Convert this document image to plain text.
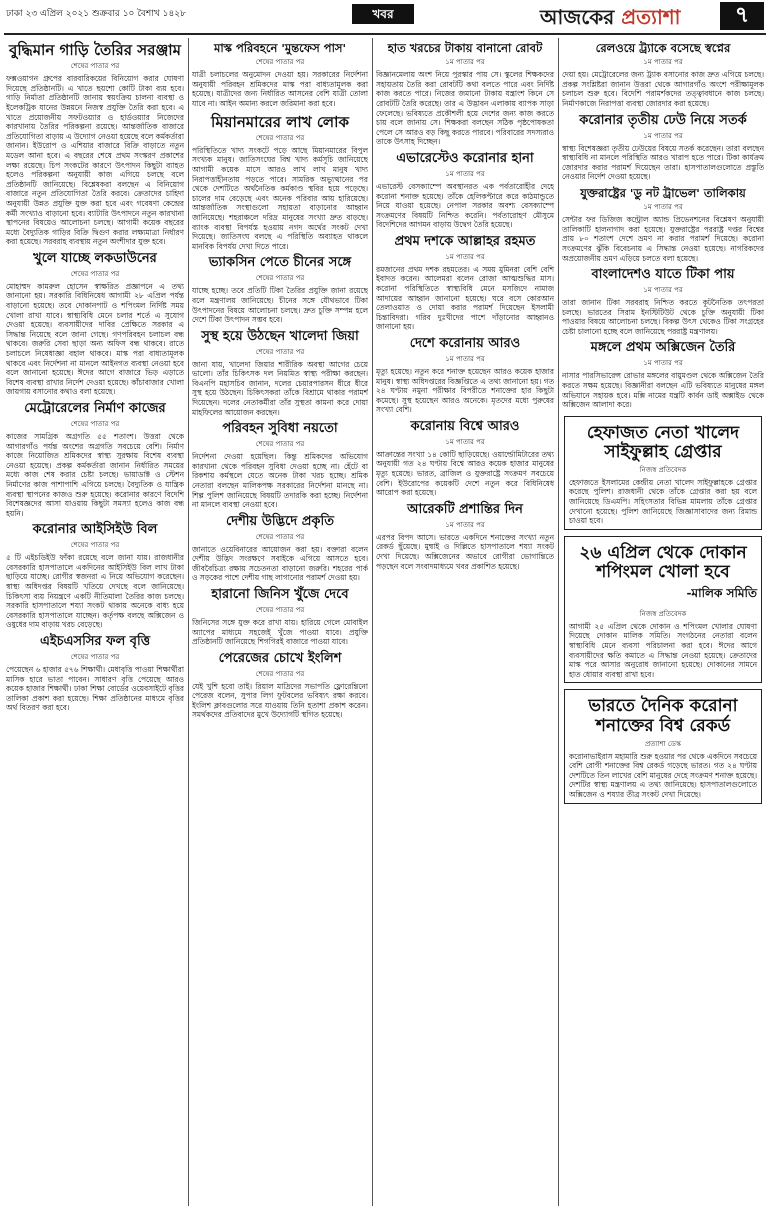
ঢাকা ২৩ এপ্রিল ২০২১ শুক্রবার ১০ বৈশাখ ১৪২৮	খবর	আজকের প্রত্যাশা	৭
বুদ্ধিমান গাড়ি তৈরির সরঞ্জাম
শেষের পাতার পর

ফক্সওয়াগন গ্রুপের বারবারিকয়ের বিনিয়োগ করার ঘোষণা দিয়েছে প্রতিষ্ঠানটি। এ খাতে ছয়শো কোটি টাকা ব্যয় হবে। গাড়ি নির্মাতা প্রতিষ্ঠানটি জানায় স্বয়ংক্রিয় চালনা ব্যবস্থা ও ইলেকট্রিক যানের উন্নয়নে নিজস্ব প্রযুক্তি তৈরি করা হবে। এ খাতে প্রয়োজনীয় সফটওয়্যার ও হার্ডওয়্যার নিজেদের কারখানায় তৈরির পরিকল্পনা রয়েছে। আন্তর্জাতিক বাজারে প্রতিযোগিতা বাড়ায় এ উদ্যোগ নেওয়া হয়েছে বলে কর্মকর্তারা জানান। ইউরোপ ও এশিয়ার বাজারে বিক্রি বাড়াতে নতুন মডেল আনা হবে। এ বছরের শেষে প্রথম সংস্করণ প্রকাশের লক্ষ্য রয়েছে। চিপ সংকটের কারণে উৎপাদন কিছুটা ব্যাহত হলেও পরিকল্পনা অনুযায়ী কাজ এগিয়ে চলছে বলে প্রতিষ্ঠানটি জানিয়েছে। বিশ্লেষকরা বলছেন এ বিনিয়োগ বাজারে নতুন প্রতিযোগিতা তৈরি করবে। ক্রেতাদের চাহিদা অনুযায়ী উন্নত প্রযুক্তি যুক্ত করা হবে এবং গবেষণা কেন্দ্রের কর্মী সংখ্যাও বাড়ানো হবে। ব্যাটারি উৎপাদনে নতুন কারখানা স্থাপনের বিষয়েও আলোচনা চলছে। আগামী কয়েক বছরের মধ্যে বৈদ্যুতিক গাড়ির বিক্রি দ্বিগুণ করার লক্ষ্যমাত্রা নির্ধারণ করা হয়েছে। সরবরাহ ব্যবস্থায় নতুন অংশীদার যুক্ত হবে।

খুলে যাচ্ছে লকডাউনের
শেষের পাতার পর

মোহাম্মদ কামরুল হোসেন স্বাক্ষরিত প্রজ্ঞাপনে এ তথ্য জানানো হয়। সরকারি বিধিনিষেধ আগামী ২৮ এপ্রিল পর্যন্ত বাড়ানো হয়েছে। তবে দোকানপাট ও শপিংমল নির্দিষ্ট সময় খোলা রাখা যাবে। স্বাস্থ্যবিধি মেনে চলার শর্তে এ সুযোগ দেওয়া হয়েছে। ব্যবসায়ীদের দাবির প্রেক্ষিতে সরকার এ সিদ্ধান্ত নিয়েছে বলে জানা গেছে। গণপরিবহন চলাচল বন্ধ থাকবে। জরুরি সেবা ছাড়া অন্য অফিস বন্ধ থাকবে। রাতে চলাচলে নিষেধাজ্ঞা বহাল থাকবে। মাস্ক পরা বাধ্যতামূলক থাকবে এবং নির্দেশনা না মানলে আইনগত ব্যবস্থা নেওয়া হবে বলে জানানো হয়েছে। ঈদের আগে বাজারে ভিড় এড়াতে বিশেষ ব্যবস্থা রাখার নির্দেশ দেওয়া হয়েছে। কাঁচাবাজার খোলা জায়গায় বসানোর কথাও বলা হয়েছে।

মেট্রোরেলের নির্মাণ কাজের
শেষের পাতার পর

কাজের সামগ্রিক অগ্রগতি ৫৫ শতাংশ। উত্তরা থেকে আগারগাঁও পর্যন্ত অংশের অগ্রগতি সবচেয়ে বেশি। নির্মাণ কাজে নিয়োজিত শ্রমিকদের স্বাস্থ্য সুরক্ষায় বিশেষ ব্যবস্থা নেওয়া হয়েছে। প্রকল্প কর্মকর্তারা জানান নির্ধারিত সময়ের মধ্যে কাজ শেষ করার চেষ্টা চলছে। ভায়াডাক্ট ও স্টেশন নির্মাণের কাজ পাশাপাশি এগিয়ে চলছে। বৈদ্যুতিক ও যান্ত্রিক ব্যবস্থা স্থাপনের কাজও শুরু হয়েছে। করোনার কারণে বিদেশি বিশেষজ্ঞদের আসা যাওয়ায় কিছুটা সমস্যা হলেও কাজ বন্ধ হয়নি।

করোনার আইসিইউ বিল
শেষের পাতার পর

৫ টি এইচডিইউ ফাঁকা রয়েছে বলে জানা যায়। রাজধানীর বেসরকারি হাসপাতালে একদিনের আইসিইউ বিল লাখ টাকা ছাড়িয়ে যাচ্ছে। রোগীর স্বজনরা এ নিয়ে অভিযোগ করেছেন। স্বাস্থ্য অধিদপ্তর বিষয়টি খতিয়ে দেখছে বলে জানিয়েছে। চিকিৎসা ব্যয় নিয়ন্ত্রণে একটি নীতিমালা তৈরির কাজ চলছে। সরকারি হাসপাতালে শয্যা সংকট থাকায় অনেকে বাধ্য হয়ে বেসরকারি হাসপাতালে যাচ্ছেন। কর্তৃপক্ষ বলছে অক্সিজেন ও ওষুধের দাম বাড়ায় খরচ বেড়েছে।

এইচএসসির ফল বৃত্তি
শেষের পাতার পর

পেয়েছেন ৬ হাজার ৫৭৬ শিক্ষার্থী। মেধাবৃত্তি পাওয়া শিক্ষার্থীরা মাসিক হারে ভাতা পাবেন। সাধারণ বৃত্তি পেয়েছে আরও কয়েক হাজার শিক্ষার্থী। ঢাকা শিক্ষা বোর্ডের ওয়েবসাইটে বৃত্তির তালিকা প্রকাশ করা হয়েছে। শিক্ষা প্রতিষ্ঠানের মাধ্যমে বৃত্তির অর্থ বিতরণ করা হবে।

মাস্ক পরিবহনে 'মুন্তফেস পাস'
শেষের পাতার পর

যাত্রী চলাচলের অনুমোদন দেওয়া হয়। সরকারের নির্দেশনা অনুযায়ী পরিবহন শ্রমিকদের মাস্ক পরা বাধ্যতামূলক করা হয়েছে। যাত্রীদের জন্য নির্ধারিত আসনের বেশি যাত্রী তোলা যাবে না। আইন অমান্য করলে জরিমানা করা হবে।

মিয়ানমারের লাখ লোক
শেষের পাতার পর

পরিস্থিতিতে খাদ্য সংকটে পড়ে আছে মিয়ানমারের বিপুল সংখ্যক মানুষ। জাতিসংঘের বিশ্ব খাদ্য কর্মসূচি জানিয়েছে আগামী কয়েক মাসে আরও লাখ লাখ মানুষ খাদ্য নিরাপত্তাহীনতায় পড়তে পারে। সামরিক অভ্যুত্থানের পর থেকে দেশটিতে অর্থনৈতিক কর্মকাণ্ড স্থবির হয়ে পড়েছে। চালের দাম বেড়েছে এবং অনেক পরিবার আয় হারিয়েছে। আন্তর্জাতিক সংস্থাগুলো সহায়তা বাড়ানোর আহ্বান জানিয়েছে। শহরাঞ্চলে দরিদ্র মানুষের সংখ্যা দ্রুত বাড়ছে। ব্যাংক ব্যবস্থা বিপর্যস্ত হওয়ায় নগদ অর্থের সংকট দেখা দিয়েছে। জাতিসংঘ বলছে এ পরিস্থিতি অব্যাহত থাকলে মানবিক বিপর্যয় দেখা দিতে পারে।

ভ্যাকসিন পেতে চীনের সঙ্গে
শেষের পাতার পর

যাচ্ছে হচ্ছে। তবে প্রতিটি টিকা তৈরির প্রযুক্তি জানা রয়েছে বলে মন্ত্রণালয় জানিয়েছে। চীনের সঙ্গে যৌথভাবে টিকা উৎপাদনের বিষয়ে আলোচনা চলছে। দ্রুত চুক্তি সম্পন্ন হলে দেশে টিকা উৎপাদন সম্ভব হবে।

সুস্থ হয়ে উঠছেন খালেদা জিয়া
শেষের পাতার পর

জানা যায়, খালেদা জিয়ার শারীরিক অবস্থা আগের চেয়ে ভালো। তাঁর চিকিৎসক দল নিয়মিত স্বাস্থ্য পরীক্ষা করছেন। বিএনপি মহাসচিব জানান, দলের চেয়ারপারসন ধীরে ধীরে সুস্থ হয়ে উঠছেন। চিকিৎসকরা তাঁকে বিশ্রামে থাকার পরামর্শ দিয়েছেন। দলের নেতাকর্মীরা তাঁর সুস্থতা কামনা করে দোয়া মাহফিলের আয়োজন করছেন।

পরিবহন সুবিধা নয়তো
শেষের পাতার পর

নির্দেশনা দেওয়া হয়েছিল। কিন্তু শ্রমিকদের অভিযোগ কারখানা থেকে পরিবহন সুবিধা দেওয়া হচ্ছে না। হেঁটে বা রিকশায় কর্মস্থলে যেতে অনেক টাকা খরচ হচ্ছে। শ্রমিক নেতারা বলছেন মালিকপক্ষ সরকারের নির্দেশনা মানছে না। শিল্প পুলিশ জানিয়েছে বিষয়টি তদারকি করা হচ্ছে। নির্দেশনা না মানলে ব্যবস্থা নেওয়া হবে।

দেশীয় উদ্ভিদে প্রকৃতি
শেষের পাতার পর

জানাতে ওয়েবিনারের আয়োজন করা হয়। বক্তারা বলেন দেশীয় উদ্ভিদ সংরক্ষণে সবাইকে এগিয়ে আসতে হবে। জীববৈচিত্র্য রক্ষায় সচেতনতা বাড়ানো জরুরি। শহরের পার্ক ও সড়কের পাশে দেশীয় গাছ লাগানোর পরামর্শ দেওয়া হয়।

হারানো জিনিস খুঁজে দেবে
শেষের পাতার পর

জিনিসের সঙ্গে যুক্ত করে রাখা যায়। হারিয়ে গেলে মোবাইল অ্যাপের মাধ্যমে সহজেই খুঁজে পাওয়া যাবে। প্রযুক্তি প্রতিষ্ঠানটি জানিয়েছে শিগগিরই বাজারে পাওয়া যাবে।

পেরেজের চোখে ইংলিশ
শেষের পাতার পর

যেই খুশি হবো তাই। রিয়াল মাদ্রিদের সভাপতি ফ্লোরেন্তিনো পেরেজ বলেন, সুপার লিগ ফুটবলের ভবিষ্যৎ রক্ষা করবে। ইংলিশ ক্লাবগুলোর সরে যাওয়ায় তিনি হতাশা প্রকাশ করেন। সমর্থকদের প্রতিবাদের মুখে উদ্যোগটি স্থগিত হয়েছে।

হাত খরচের টাকায় বানানো রোবট
১ম পাতার পর

বিজ্ঞানমেলায় অংশ নিয়ে পুরস্কার পায় সে। স্কুলের শিক্ষকদের সহায়তায় তৈরি করা রোবটটি কথা বলতে পারে এবং নির্দিষ্ট কাজ করতে পারে। নিজের জমানো টাকায় যন্ত্রাংশ কিনে সে রোবটটি তৈরি করেছে। তার এ উদ্ভাবন এলাকায় ব্যাপক সাড়া ফেলেছে। ভবিষ্যতে প্রকৌশলী হয়ে দেশের জন্য কাজ করতে চায় বলে জানায় সে। শিক্ষকরা বলছেন সঠিক পৃষ্ঠপোষকতা পেলে সে আরও বড় কিছু করতে পারবে। পরিবারের সদস্যরাও তাকে উৎসাহ দিচ্ছেন।

এভারেস্টেও করোনার হানা
১ম পাতার পর

এভারেস্ট বেসক্যাম্পে অবস্থানরত এক পর্বতারোহীর দেহে করোনা শনাক্ত হয়েছে। তাঁকে হেলিকপ্টারে করে কাঠমান্ডুতে নিয়ে যাওয়া হয়েছে। নেপাল সরকার অবশ্য বেসক্যাম্পে সংক্রমণের বিষয়টি নিশ্চিত করেনি। পর্বতারোহণ মৌসুমে বিদেশিদের আগমন বাড়ায় উদ্বেগ তৈরি হয়েছে।

প্রথম দশকে আল্লাহর রহমত
১ম পাতার পর

রমজানের প্রথম দশক রহমতের। এ সময় মুমিনরা বেশি বেশি ইবাদত করেন। আলেমরা বলেন রোজা আত্মশুদ্ধির মাস। করোনা পরিস্থিতিতে স্বাস্থ্যবিধি মেনে মসজিদে নামাজ আদায়ের আহ্বান জানানো হয়েছে। ঘরে বসে কোরআন তেলাওয়াত ও দোয়া করার পরামর্শ দিয়েছেন ইসলামী চিন্তাবিদরা। গরিব দুঃখীদের পাশে দাঁড়ানোর আহ্বানও জানানো হয়।

দেশে করোনায় আরও
১ম পাতার পর

মৃত্যু হয়েছে। নতুন করে শনাক্ত হয়েছেন আরও কয়েক হাজার মানুষ। স্বাস্থ্য অধিদপ্তরের বিজ্ঞপ্তিতে এ তথ্য জানানো হয়। গত ২৪ ঘণ্টায় নমুনা পরীক্ষার বিপরীতে শনাক্তের হার কিছুটা কমেছে। সুস্থ হয়েছেন আরও অনেকে। মৃতদের মধ্যে পুরুষের সংখ্যা বেশি।

করোনায় বিশ্বে আরও
১ম পাতার পর

আক্রান্তের সংখ্যা ১৪ কোটি ছাড়িয়েছে। ওয়ার্ল্ডোমিটারের তথ্য অনুযায়ী গত ২৪ ঘণ্টায় বিশ্বে আরও কয়েক হাজার মানুষের মৃত্যু হয়েছে। ভারত, ব্রাজিল ও যুক্তরাষ্ট্রে সংক্রমণ সবচেয়ে বেশি। ইউরোপের কয়েকটি দেশে নতুন করে বিধিনিষেধ আরোপ করা হয়েছে।

আরেকটি প্রশান্তির দিন
১ম পাতার পর

এরপর বিপদ আসে। ভারতে একদিনে শনাক্তের সংখ্যা নতুন রেকর্ড ছুঁয়েছে। মুম্বাই ও দিল্লিতে হাসপাতালে শয্যা সংকট দেখা দিয়েছে। অক্সিজেনের অভাবে রোগীরা ভোগান্তিতে পড়ছেন বলে সংবাদমাধ্যমে খবর প্রকাশিত হয়েছে।

রেলওয়ে ট্র্যাকে বসেছে স্বপ্নের
১ম পাতার পর

দেয়া হয়। মেট্রোরেলের জন্য ট্র্যাক বসানোর কাজ দ্রুত এগিয়ে চলছে। প্রকল্প সংশ্লিষ্টরা জানান উত্তরা থেকে আগারগাঁও অংশে পরীক্ষামূলক চলাচল শুরু হবে। বিদেশি পরামর্শকদের তত্ত্বাবধানে কাজ চলছে। নির্মাণকাজে নিরাপত্তা ব্যবস্থা জোরদার করা হয়েছে।

করোনার তৃতীয় ঢেউ নিয়ে সতর্ক
১ম পাতার পর

স্বাস্থ্য বিশেষজ্ঞরা তৃতীয় ঢেউয়ের বিষয়ে সতর্ক করেছেন। তারা বলছেন স্বাস্থ্যবিধি না মানলে পরিস্থিতি আরও খারাপ হতে পারে। টিকা কার্যক্রম জোরদার করার পরামর্শ দিয়েছেন তারা। হাসপাতালগুলোতে প্রস্তুতি নেওয়ার নির্দেশ দেওয়া হয়েছে।

যুক্তরাষ্ট্রের 'ডু নট ট্রাভেল' তালিকায়
১ম পাতার পর

সেন্টার ফর ডিজিজ কন্ট্রোল অ্যান্ড প্রিভেনশনের বিশ্লেষণ অনুযায়ী তালিকাটি হালনাগাদ করা হয়েছে। যুক্তরাষ্ট্রের পররাষ্ট্র দপ্তর বিশ্বের প্রায় ৮০ শতাংশ দেশে ভ্রমণ না করার পরামর্শ দিয়েছে। করোনা সংক্রমণের ঝুঁকি বিবেচনায় এ সিদ্ধান্ত নেওয়া হয়েছে। নাগরিকদের অপ্রয়োজনীয় ভ্রমণ এড়িয়ে চলতে বলা হয়েছে।

বাংলাদেশও যাতে টিকা পায়
১ম পাতার পর

তারা জানান টিকা সরবরাহ নিশ্চিত করতে কূটনৈতিক তৎপরতা চলছে। ভারতের সিরাম ইনস্টিটিউট থেকে চুক্তি অনুযায়ী টিকা পাওয়ার বিষয়ে আলোচনা চলছে। বিকল্প উৎস থেকেও টিকা সংগ্রহের চেষ্টা চালানো হচ্ছে বলে জানিয়েছে পররাষ্ট্র মন্ত্রণালয়।

মঙ্গলে প্রথম অক্সিজেন তৈরি
১ম পাতার পর

নাসার পারসিভারেন্স রোভার মঙ্গলের বায়ুমণ্ডল থেকে অক্সিজেন তৈরি করতে সক্ষম হয়েছে। বিজ্ঞানীরা বলছেন এটি ভবিষ্যতে মানুষের মঙ্গল অভিযানে সহায়ক হবে। মক্সি নামের যন্ত্রটি কার্বন ডাই অক্সাইড থেকে অক্সিজেন আলাদা করে।

হেফাজত নেতা খালেদ সাইফুল্লাহ গ্রেপ্তার
নিজস্ব প্রতিবেদক

হেফাজতে ইসলামের কেন্দ্রীয় নেতা খালেদ সাইফুল্লাহকে গ্রেপ্তার করেছে পুলিশ। রাজধানী থেকে তাঁকে গ্রেপ্তার করা হয় বলে জানিয়েছে ডিএমপি। সহিংসতার বিভিন্ন মামলায় তাঁকে গ্রেপ্তার দেখানো হয়েছে। পুলিশ জানিয়েছে জিজ্ঞাসাবাদের জন্য রিমান্ড চাওয়া হবে।

২৬ এপ্রিল থেকে দোকান শপিংমল খোলা হবে
-মালিক সমিতি
নিজস্ব প্রতিবেদক

আগামী ২৫ এপ্রিল থেকে দোকান ও শপিংমল খোলার ঘোষণা দিয়েছে দোকান মালিক সমিতি। সংগঠনের নেতারা বলেন স্বাস্থ্যবিধি মেনে ব্যবসা পরিচালনা করা হবে। ঈদের আগে ব্যবসায়ীদের ক্ষতি কমাতে এ সিদ্ধান্ত নেওয়া হয়েছে। ক্রেতাদের মাস্ক পরে আসার অনুরোধ জানানো হয়েছে। দোকানের সামনে হাত ধোয়ার ব্যবস্থা রাখা হবে।

ভারতে দৈনিক করোনা শনাক্তের বিশ্ব রেকর্ড
প্রত্যাশা ডেস্ক

করোনাভাইরাস মহামারি শুরু হওয়ার পর থেকে একদিনে সবচেয়ে বেশি রোগী শনাক্তের বিশ্ব রেকর্ড গড়েছে ভারত। গত ২৪ ঘণ্টায় দেশটিতে তিন লাখের বেশি মানুষের দেহে সংক্রমণ শনাক্ত হয়েছে। দেশটির স্বাস্থ্য মন্ত্রণালয় এ তথ্য জানিয়েছে। হাসপাতালগুলোতে অক্সিজেন ও শয্যার তীব্র সংকট দেখা দিয়েছে।
